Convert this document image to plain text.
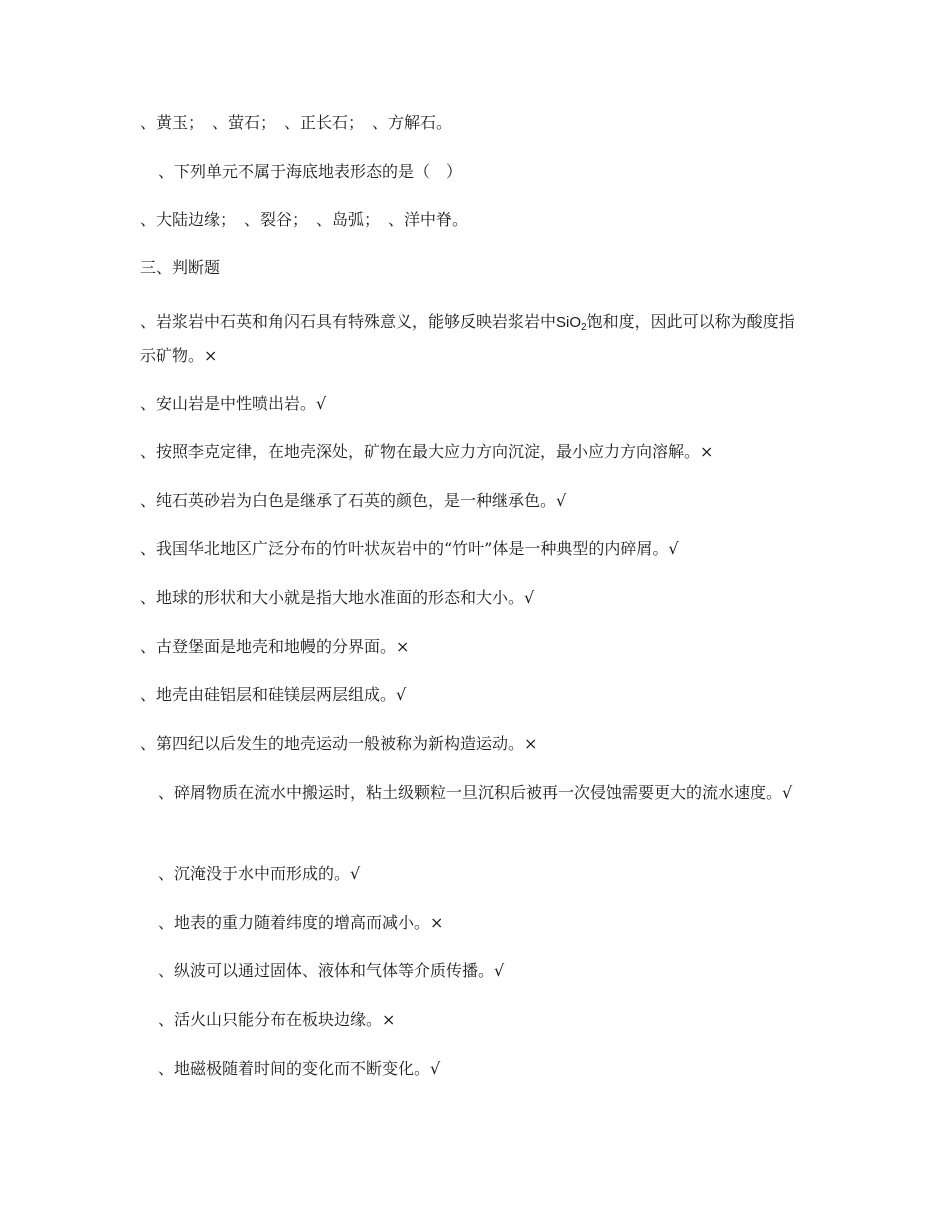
、黄玉；　、萤石；　、正长石；　、方解石。
、下列单元不属于海底地表形态的是（　）
、大陆边缘；　、裂谷；　、岛弧；　、洋中脊。
三、判断题
、岩浆岩中石英和角闪石具有特殊意义，能够反映岩浆岩中SiO$_2$饱和度，因此可以称为酸度指示矿物。×
、安山岩是中性喷出岩。√
、按照李克定律，在地壳深处，矿物在最大应力方向沉淀，最小应力方向溶解。×
、纯石英砂岩为白色是继承了石英的颜色，是一种继承色。√
、我国华北地区广泛分布的竹叶状灰岩中的“竹叶”体是一种典型的内碎屑。√
、地球的形状和大小就是指大地水准面的形态和大小。√
、古登堡面是地壳和地幔的分界面。×
、地壳由硅铝层和硅镁层两层组成。√
、第四纪以后发生的地壳运动一般被称为新构造运动。×
、碎屑物质在流水中搬运时，粘土级颗粒一旦沉积后被再一次侵蚀需要更大的流水速度。√
、沉淹没于水中而形成的。√
、地表的重力随着纬度的增高而减小。×
、纵波可以通过固体、液体和气体等介质传播。√
、活火山只能分布在板块边缘。×
、地磁极随着时间的变化而不断变化。√
